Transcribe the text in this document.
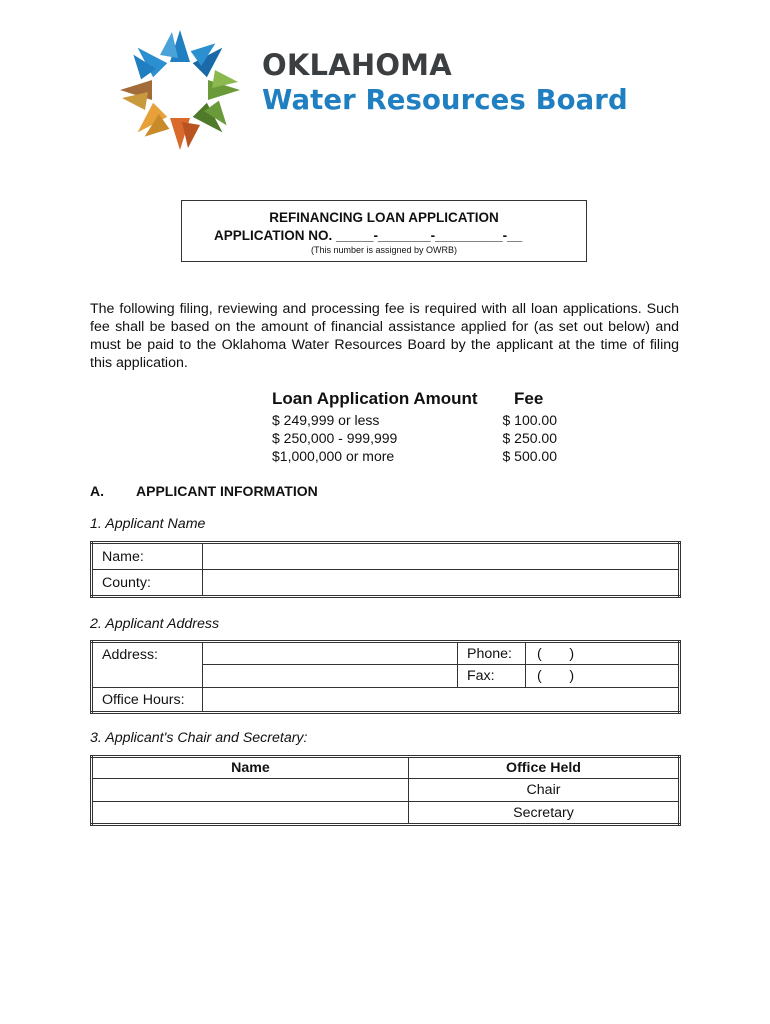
OKLAHOMA
Water Resources Board
REFINANCING LOAN APPLICATION
APPLICATION NO. _____-_______-_________-__
(This number is assigned by OWRB)

The following filing, reviewing and processing fee is required with all loan applications. Such fee shall be based on the amount of financial assistance applied for (as set out below) and must be paid to the Oklahoma Water Resources Board by the applicant at the time of filing this application.

Loan Application Amount Fee
$ 249,999 or less	$ 100.00
$ 250,000 - 999,999	$ 250.00
$1,000,000 or more	$ 500.00
A. APPLICANT INFORMATION
1. Applicant Name
Name:	
County:	
2. Applicant Address
Address:		Phone:	(       )
		Fax:	(       )
Office Hours:			
3. Applicant's Chair and Secretary:
Name	Office Held
	Chair
	Secretary
